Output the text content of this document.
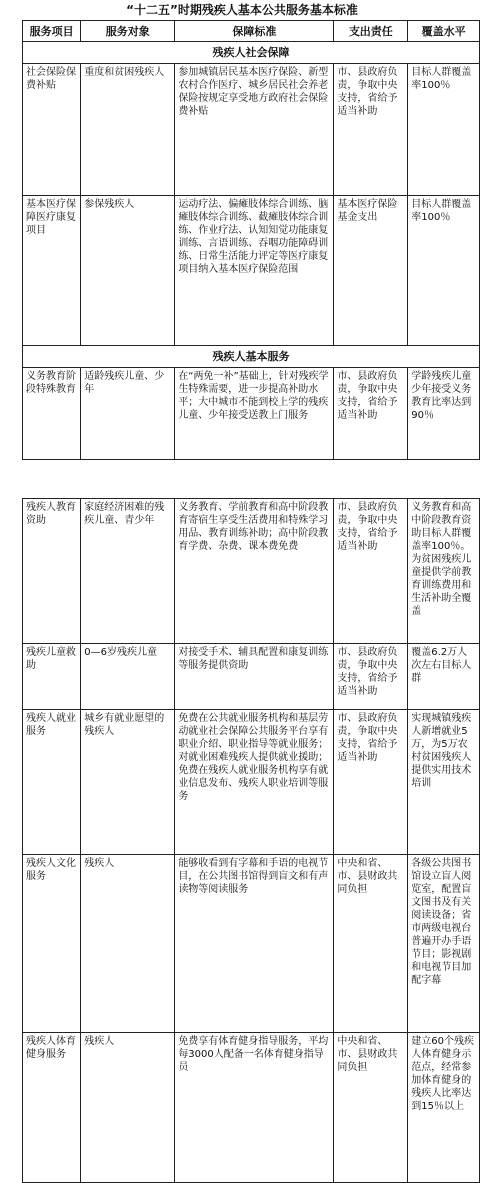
“十二五”时期残疾人基本公共服务基本标准
服务项目	服务对象	保障标准	支出责任	覆盖水平
残疾人社会保障				
社会保险保费补贴	重度和贫困残疾人	参加城镇居民基本医疗保险、新型农村合作医疗、城乡居民社会养老保险按规定享受地方政府社会保险费补贴	市、县政府负责，争取中央支持，省给予适当补助	目标人群覆盖率100％
基本医疗保障医疗康复项目	参保残疾人	运动疗法、偏瘫肢体综合训练、脑瘫肢体综合训练、截瘫肢体综合训练、作业疗法、认知知觉功能康复训练、言语训练、吞咽功能障碍训练、日常生活能力评定等医疗康复项目纳入基本医疗保险范围	基本医疗保险基金支出	目标人群覆盖率100％
残疾人基本服务				
义务教育阶段特殊教育	适龄残疾儿童、少年	在“两免一补”基础上，针对残疾学生特殊需要，进一步提高补助水平；大中城市不能到校上学的残疾儿童、少年接受送教上门服务	市、县政府负责，争取中央支持，省给予适当补助	学龄残疾儿童少年接受义务教育比率达到90％
残疾人教育资助	家庭经济困难的残疾儿童、青少年	义务教育、学前教育和高中阶段教育寄宿生享受生活费用和特殊学习用品、教育训练补助；高中阶段教育学费、杂费、课本费免费	市、县政府负责，争取中央支持，省给予适当补助	义务教育和高中阶段教育资助目标人群覆盖率100％。为贫困残疾儿童提供学前教育训练费用和生活补助全覆盖
残疾儿童救助	0—6岁残疾儿童	对接受手术、辅具配置和康复训练等服务提供资助	市、县政府负责，争取中央支持，省给予适当补助	覆盖6.2万人次左右目标人群
残疾人就业服务	城乡有就业愿望的残疾人	免费在公共就业服务机构和基层劳动就业社会保障公共服务平台享有职业介绍、职业指导等就业服务；对就业困难残疾人提供就业援助；免费在残疾人就业服务机构享有就业信息发布、残疾人职业培训等服务	市、县政府负责，争取中央支持，省给予适当补助	实现城镇残疾人新增就业5万，为5万农村贫困残疾人提供实用技术培训
残疾人文化服务	残疾人	能够收看到有字幕和手语的电视节目，在公共图书馆得到盲文和有声读物等阅读服务	中央和省、市、县财政共同负担	各级公共图书馆设立盲人阅览室，配置盲文图书及有关阅读设备；省市两级电视台普遍开办手语节目；影视剧和电视节目加配字幕
残疾人体育健身服务	残疾人	免费享有体育健身指导服务，平均每3000人配备一名体育健身指导员	中央和省、市、县财政共同负担	建立60个残疾人体育健身示范点，经常参加体育健身的残疾人比率达到15％以上
